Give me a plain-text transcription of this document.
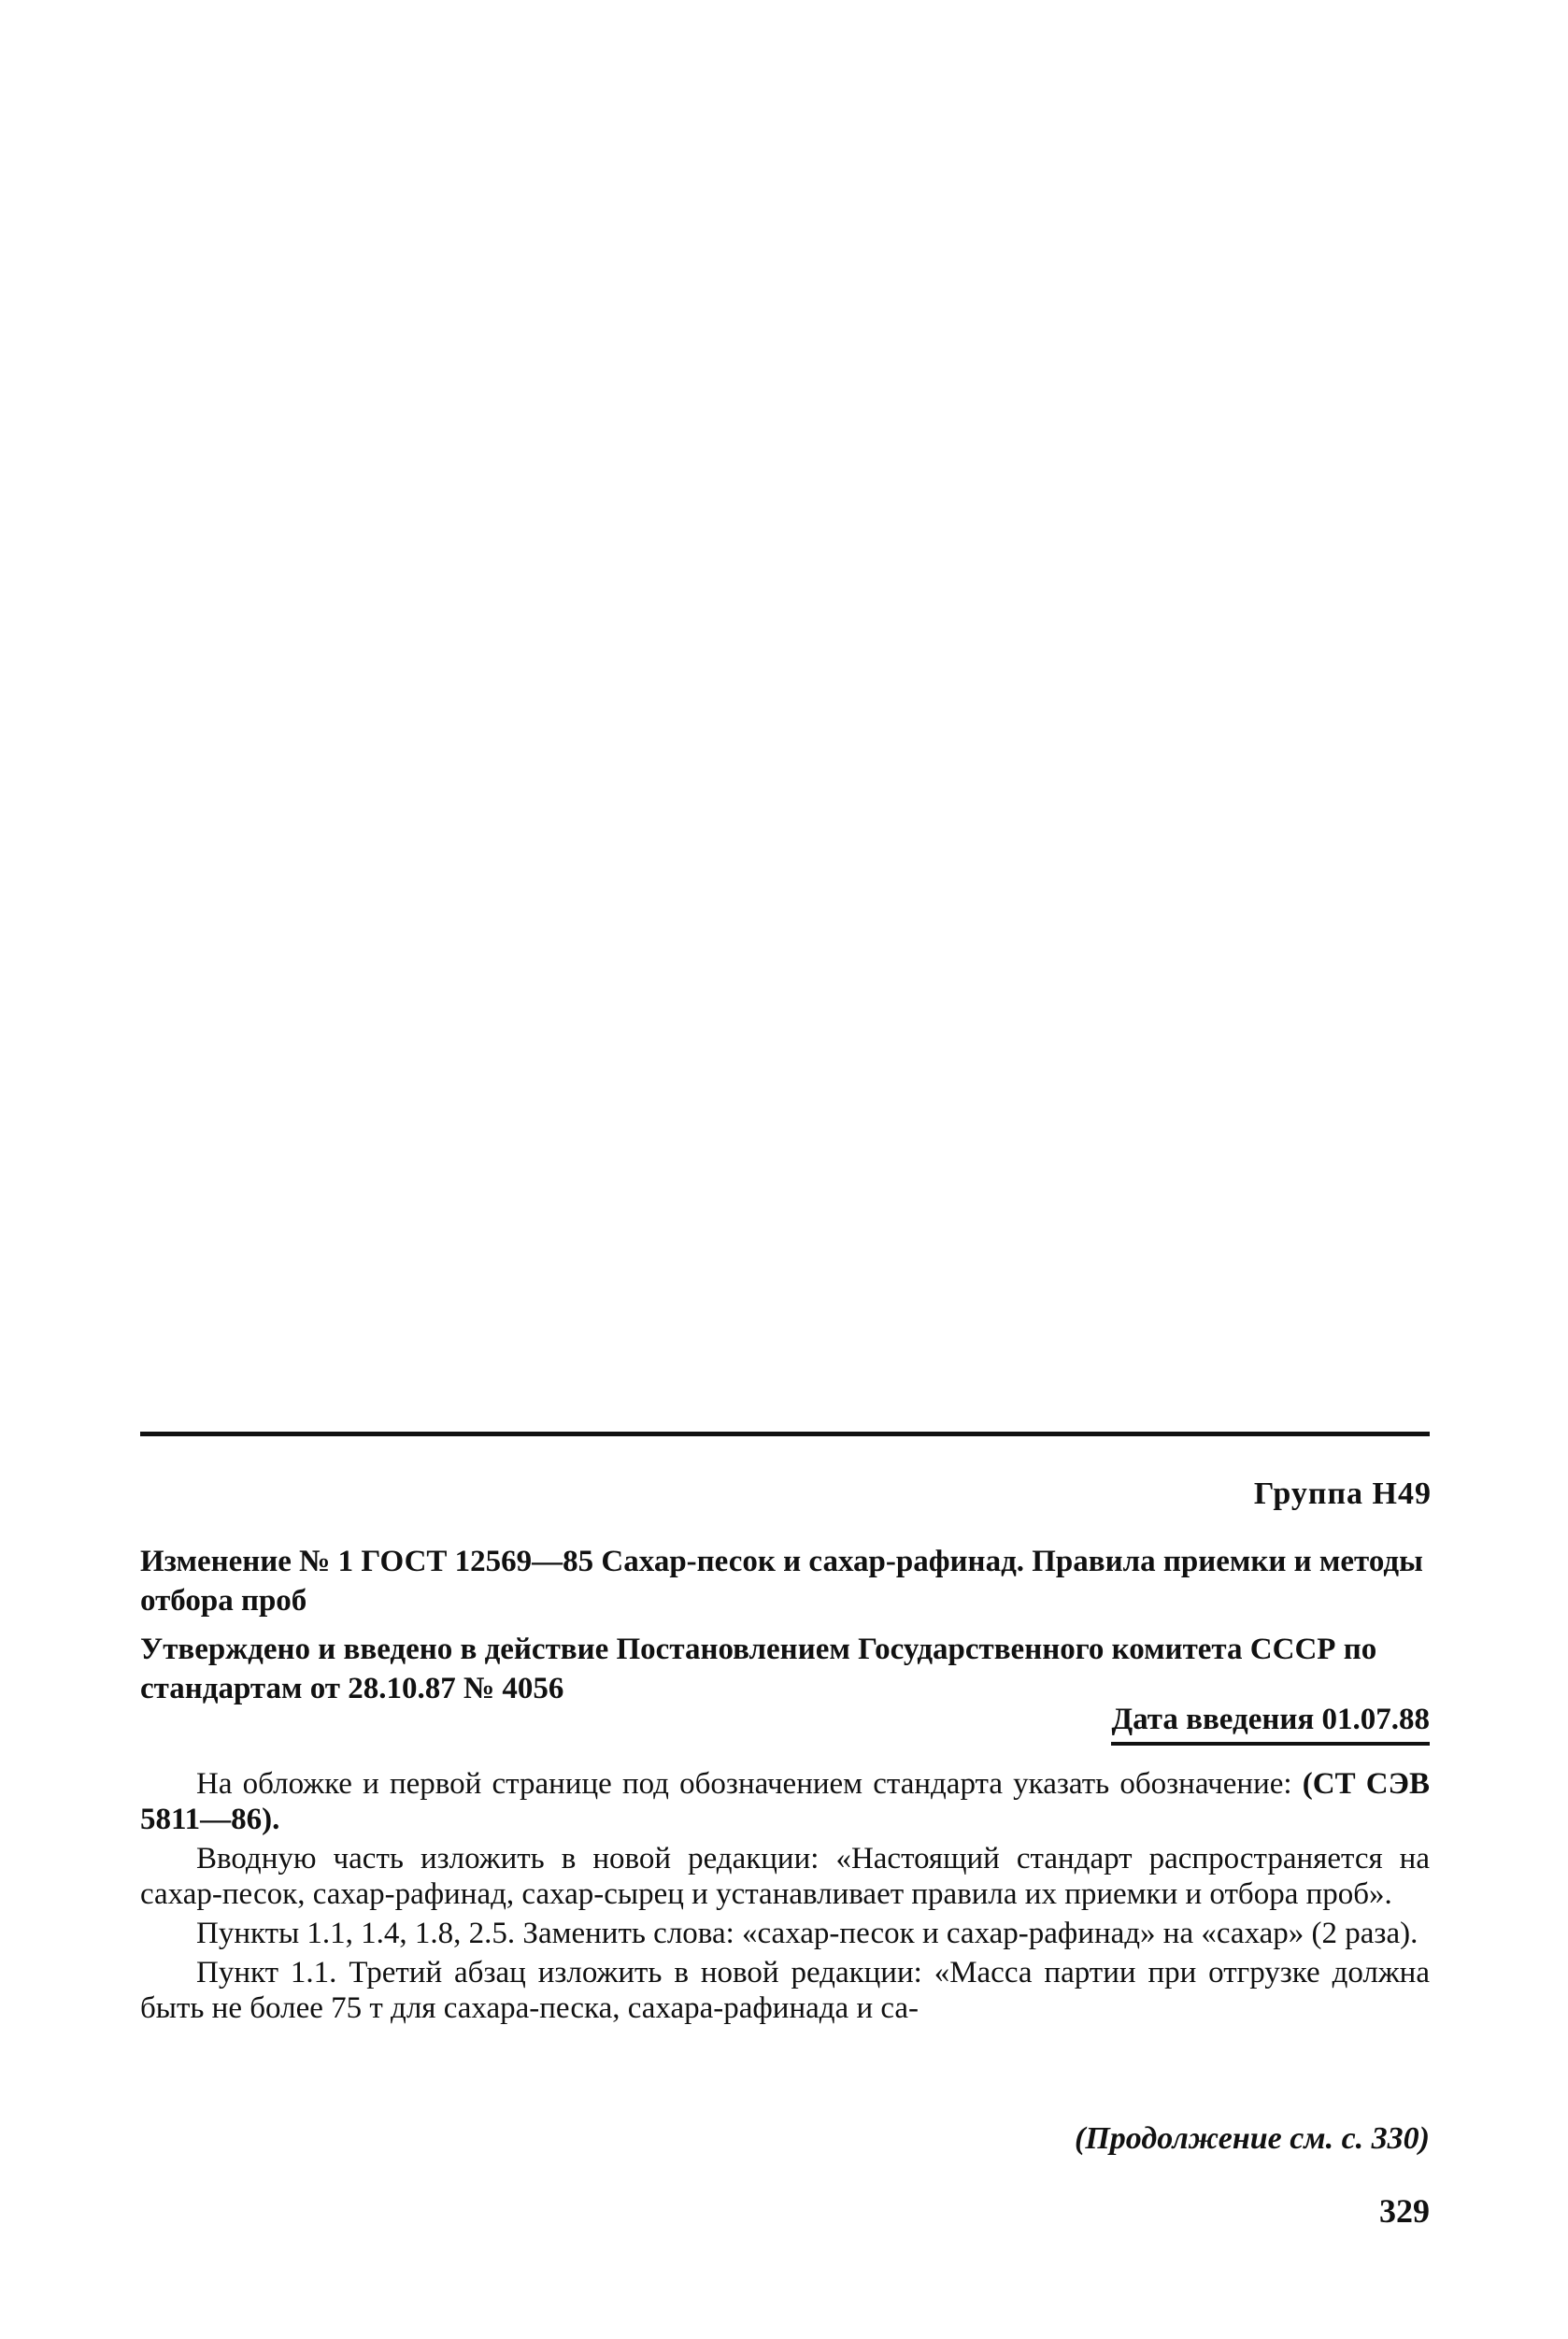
Группа Н49
Изменение № 1 ГОСТ 12569—85 Сахар-песок и сахар-рафинад. Правила приемки и методы отбора проб
Утверждено и введено в действие Постановлением Государственного комитета СССР по стандартам от 28.10.87 № 4056
Дата введения 01.07.88

На обложке и первой странице под обозначением стандарта указать обозначение: (СТ СЭВ 5811—86).

Вводную часть изложить в новой редакции: «Настоящий стандарт распространяется на сахар-песок, сахар-рафинад, сахар-сырец и устанавливает правила их приемки и отбора проб».

Пункты 1.1, 1.4, 1.8, 2.5. Заменить слова: «сахар-песок и сахар-рафинад» на «сахар» (2 раза).

Пункт 1.1. Третий абзац изложить в новой редакции: «Масса партии при отгрузке должна быть не более 75 т для сахара-песка, сахара-рафинада и са-

(Продолжение см. с. 330)
329
